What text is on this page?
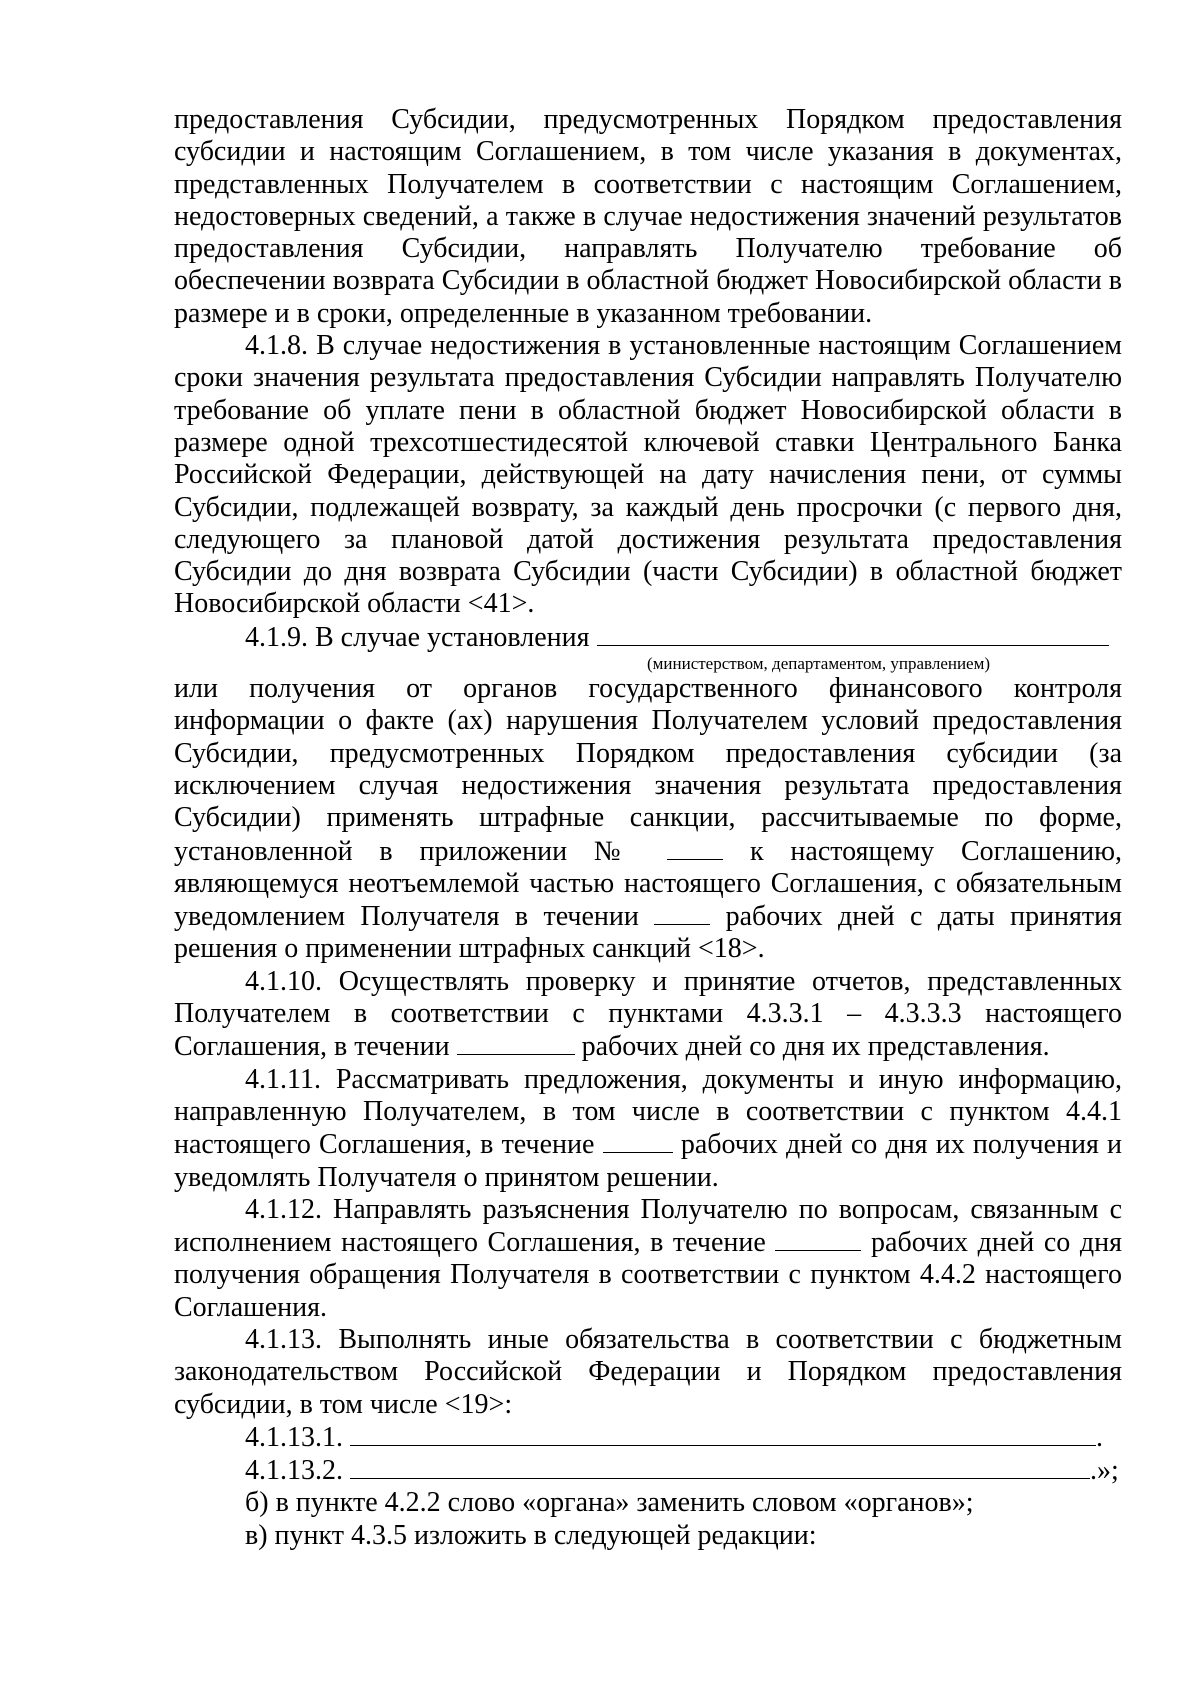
предоставления Субсидии, предусмотренных Порядком предоставления субсидии и настоящим Соглашением, в том числе указания в документах, представленных Получателем в соответствии с настоящим Соглашением, недостоверных сведений, а также в случае недостижения значений результатов предоставления Субсидии, направлять Получателю требование об обеспечении возврата Субсидии в областной бюджет Новосибирской области в размере и в сроки, определенные в указанном требовании.

4.1.8. В случае недостижения в установленные настоящим Соглашением сроки значения результата предоставления Субсидии направлять Получателю требование об уплате пени в областной бюджет Новосибирской области в размере одной трехсотшестидесятой ключевой ставки Центрального Банка Российской Федерации, действующей на дату начисления пени, от суммы Субсидии, подлежащей возврату, за каждый день просрочки (с первого дня, следующего за плановой датой достижения результата предоставления Субсидии до дня возврата Субсидии (части Субсидии) в областной бюджет Новосибирской области <41>.

4.1.9. В случае установления

(министерством, департаментом, управлением)

или получения от органов государственного финансового контроля информации о факте (ах) нарушения Получателем условий предоставления Субсидии, предусмотренных Порядком предоставления субсидии (за исключением случая недостижения значения результата предоставления Субсидии) применять штрафные санкции, рассчитываемые по форме, установленной в приложении №	к настоящему Соглашению, являющемуся неотъемлемой частью настоящего Соглашения, с обязательным уведомлением Получателя в течении	рабочих дней с даты принятия решения о применении штрафных санкций <18>.

4.1.10. Осуществлять проверку и принятие отчетов, представленных Получателем в соответствии с пунктами 4.3.3.1 – 4.3.3.3 настоящего Соглашения, в течении	рабочих дней со дня их представления.

4.1.11. Рассматривать предложения, документы и иную информацию, направленную Получателем, в том числе в соответствии с пунктом 4.4.1 настоящего Соглашения, в течение	рабочих дней со дня их получения и уведомлять Получателя о принятом решении.

4.1.12. Направлять разъяснения Получателю по вопросам, связанным с исполнением настоящего Соглашения, в течение	рабочих дней со дня получения обращения Получателя в соответствии с пунктом 4.4.2 настоящего Соглашения.

4.1.13. Выполнять иные обязательства в соответствии с бюджетным законодательством Российской Федерации и Порядком предоставления субсидии, в том числе <19>:

4.1.13.1.	.

4.1.13.2.	.»;

б) в пункте 4.2.2 слово «органа» заменить словом «органов»;

в) пункт 4.3.5 изложить в следующей редакции:
